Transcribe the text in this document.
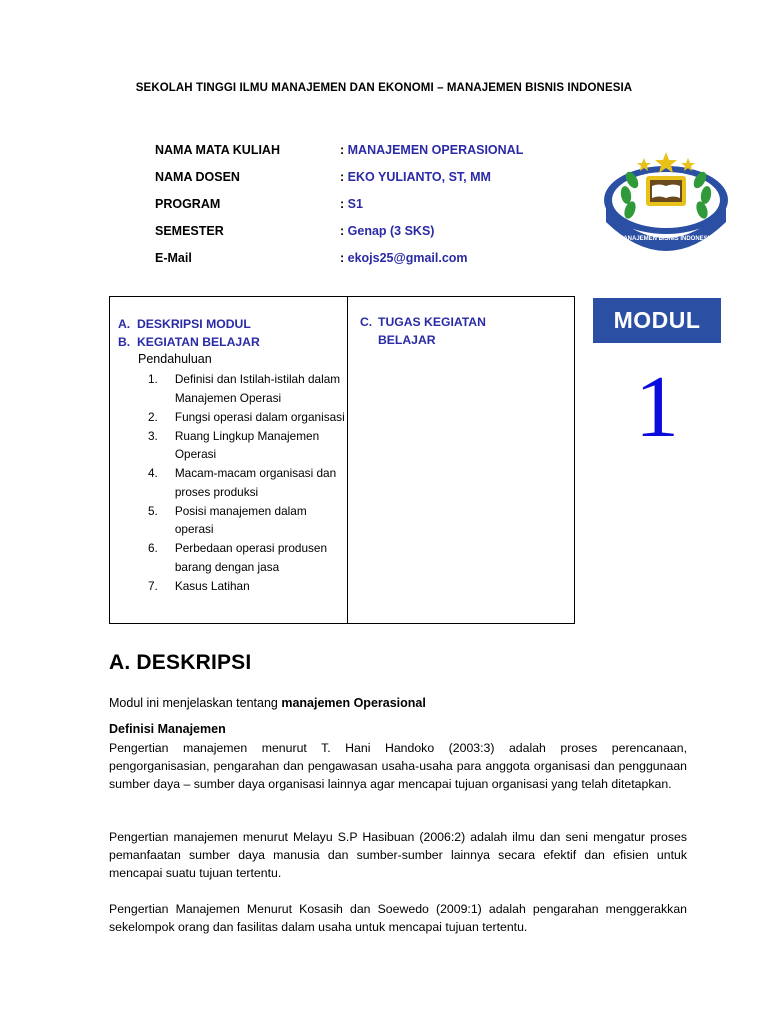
SEKOLAH TINGGI ILMU MANAJEMEN DAN EKONOMI – MANAJEMEN BISNIS INDONESIA
NAMA MATA KULIAH	: MANAJEMEN OPERASIONAL
NAMA DOSEN	: EKO YULIANTO, ST, MM
PROGRAM	: S1
SEMESTER	: Genap (3 SKS)
E-Mail	: ekojs25@gmail.com
STIE
MANAJEMEN BISNIS INDONESIA
A. DESKRIPSI MODUL
B. KEGIATAN BELAJAR
Pendahuluan
1.	Definisi dan Istilah-istilah dalam Manajemen Operasi
2.	Fungsi operasi dalam organisasi
3.	Ruang Lingkup Manajemen Operasi
4.	Macam-macam organisasi dan proses produksi
5.	Posisi manajemen dalam operasi
6.	Perbedaan operasi produsen barang dengan jasa
7.	Kasus Latihan
C. TUGAS KEGIATAN
BELAJAR
MODUL
1
A. DESKRIPSI
Modul ini menjelaskan tentang manajemen Operasional
Definisi Manajemen
Pengertian manajemen menurut T. Hani Handoko (2003:3) adalah proses perencanaan, pengorganisasian, pengarahan dan pengawasan usaha-usaha para anggota organisasi dan penggunaan sumber daya – sumber daya organisasi lainnya agar mencapai tujuan organisasi yang telah ditetapkan.
Pengertian manajemen menurut Melayu S.P Hasibuan (2006:2) adalah ilmu dan seni mengatur proses pemanfaatan sumber daya manusia dan sumber-sumber lainnya secara efektif dan efisien untuk mencapai suatu tujuan tertentu.
Pengertian Manajemen Menurut Kosasih dan Soewedo (2009:1) adalah pengarahan menggerakkan sekelompok orang dan fasilitas dalam usaha untuk mencapai tujuan tertentu.
